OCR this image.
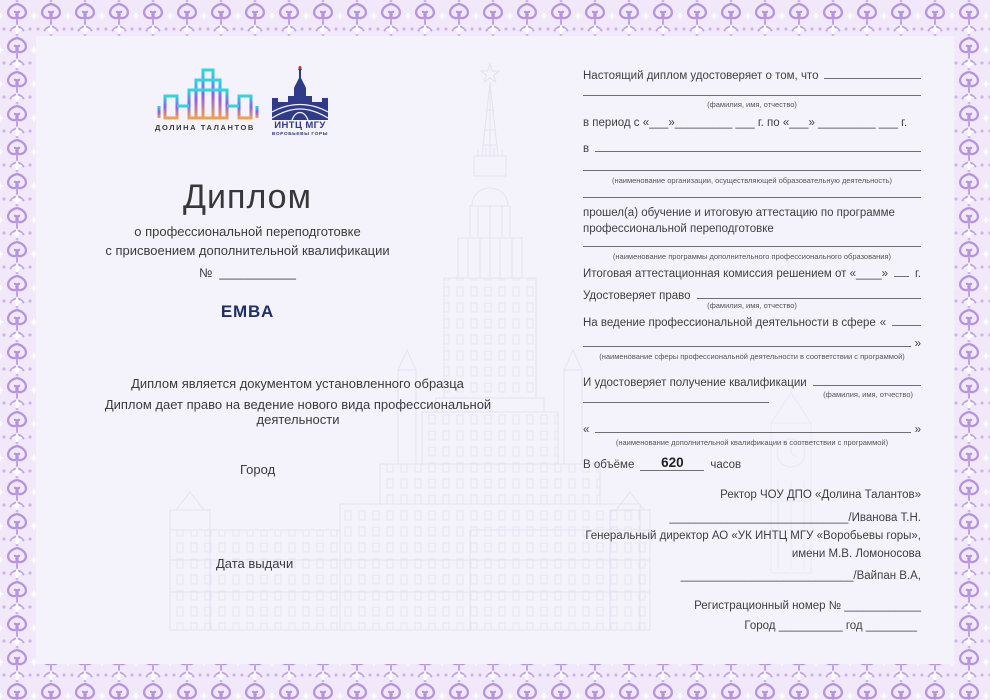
ДОЛИНА ТАЛАНТОВ	ИНТЦ МГУ
ВОРОБЬЕВЫ ГОРЫ
Диплом
о профессиональной переподготовке
с присвоением дополнительной квалификации
№  ___________
EMBA
Диплом является документом установленного образца
Диплом дает право на ведение нового вида профессиональной деятельности
Город
Дата выдачи
Настоящий диплом удостоверяет о том, что
(фамилия, имя, отчество)
в период с «___»_________ ___ г. по «___» _________ ___ г.
в
(наименование организации, осуществляющей образовательную деятельность)
прошел(а) обучение и итоговую аттестацию по программе профессиональной переподготовке
(наименование программы дополнительного профессионального образования)
Итоговая аттестационная комиссия решением от «____» г.
Удостоверяет право
(фамилия, имя, отчество)
На ведение профессиональной деятельности в сфере «
»
(наименование сферы профессиональной деятельности в соответствии с программой)
И удостоверяет получение квалификации
(фамилия, имя, отчество)
«	»
(наименование дополнительной квалификации в соответствии с программой)
В объёме	620	часов
Ректор ЧОУ ДПО «Долина Талантов»
____________________________/Иванова Т.Н.
Генеральный директор АО «УК ИНТЦ МГУ «Воробьевы горы»,
имени М.В. Ломоносова
___________________________/Вайпан В.А,
Регистрационный номер № ____________
Город __________ год ________
